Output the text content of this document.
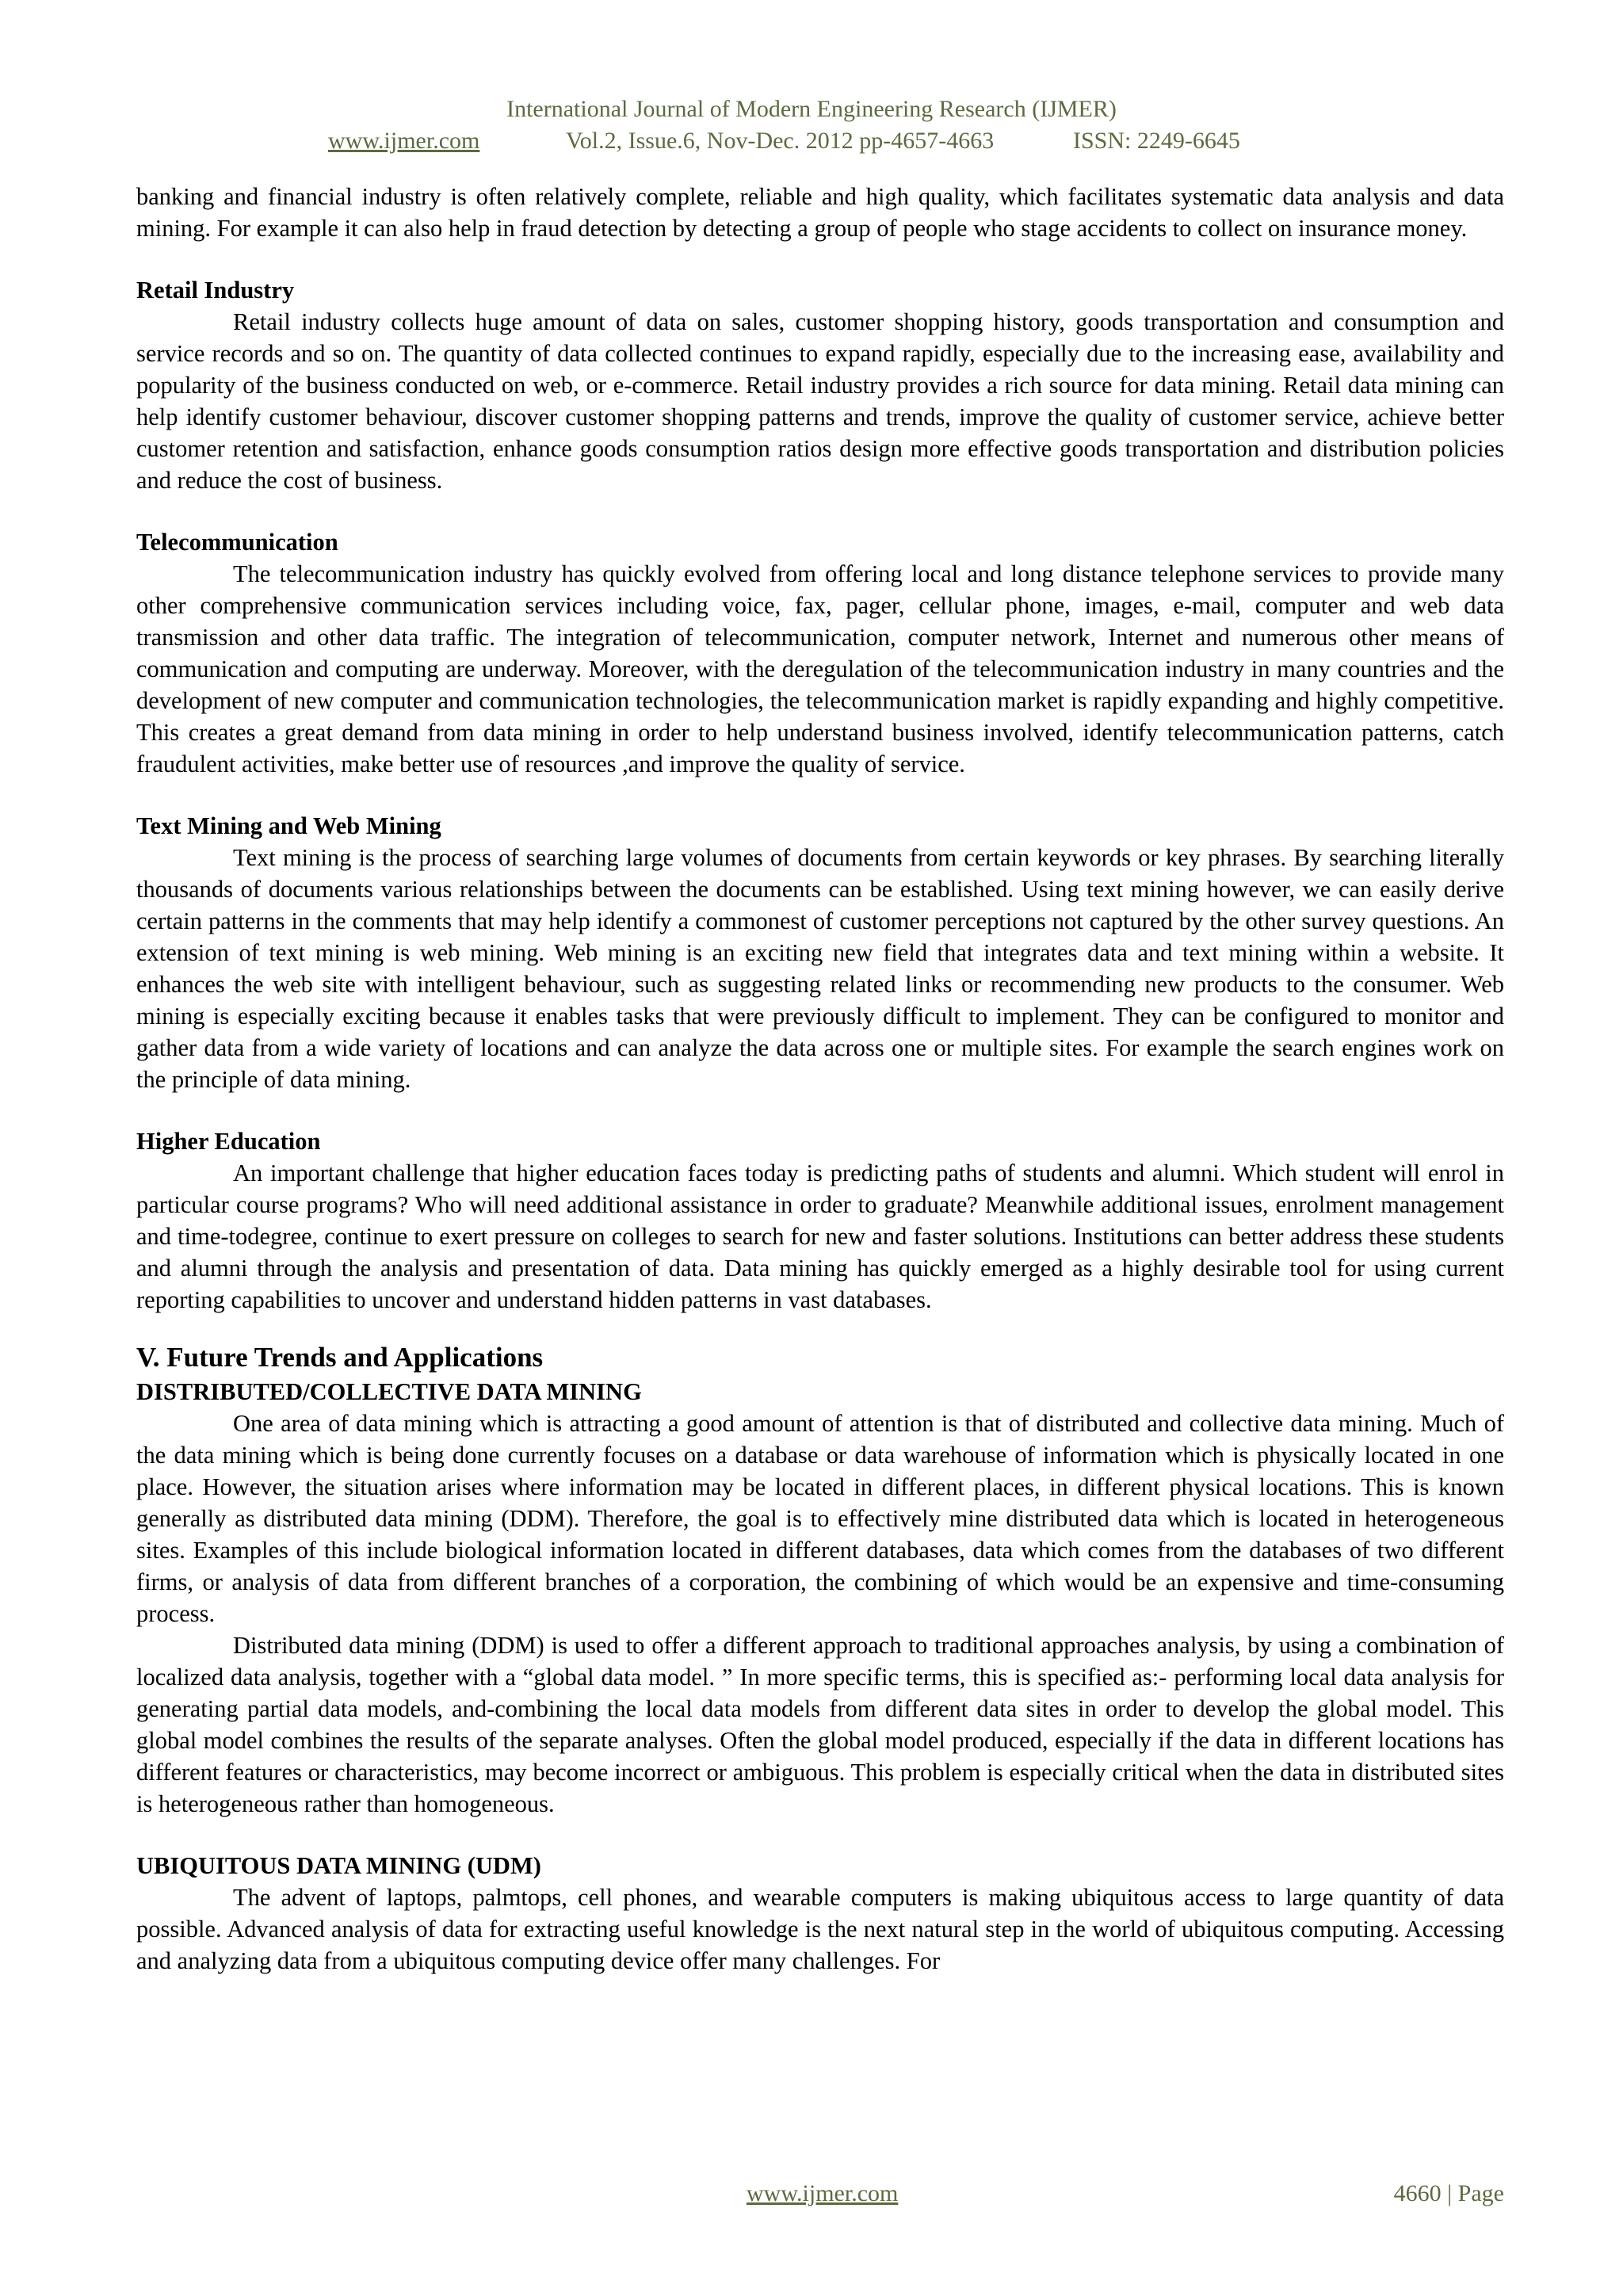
International Journal of Modern Engineering Research (IJMER)
www.ijmer.com	Vol.2, Issue.6, Nov-Dec. 2012 pp-4657-4663	ISSN: 2249-6645

banking and financial industry is often relatively complete, reliable and high quality, which facilitates systematic data analysis and data mining. For example it can also help in fraud detection by detecting a group of people who stage accidents to collect on insurance money.

Retail Industry

Retail industry collects huge amount of data on sales, customer shopping history, goods transportation and consumption and service records and so on. The quantity of data collected continues to expand rapidly, especially due to the increasing ease, availability and popularity of the business conducted on web, or e-commerce. Retail industry provides a rich source for data mining. Retail data mining can help identify customer behaviour, discover customer shopping patterns and trends, improve the quality of customer service, achieve better customer retention and satisfaction, enhance goods consumption ratios design more effective goods transportation and distribution policies and reduce the cost of business.

Telecommunication

The telecommunication industry has quickly evolved from offering local and long distance telephone services to provide many other comprehensive communication services including voice, fax, pager, cellular phone, images, e-mail, computer and web data transmission and other data traffic. The integration of telecommunication, computer network, Internet and numerous other means of communication and computing are underway. Moreover, with the deregulation of the telecommunication industry in many countries and the development of new computer and communication technologies, the telecommunication market is rapidly expanding and highly competitive. This creates a great demand from data mining in order to help understand business involved, identify telecommunication patterns, catch fraudulent activities, make better use of resources ,and improve the quality of service.

Text Mining and Web Mining

Text mining is the process of searching large volumes of documents from certain keywords or key phrases. By searching literally thousands of documents various relationships between the documents can be established. Using text mining however, we can easily derive certain patterns in the comments that may help identify a commonest of customer perceptions not captured by the other survey questions. An extension of text mining is web mining. Web mining is an exciting new field that integrates data and text mining within a website. It enhances the web site with intelligent behaviour, such as suggesting related links or recommending new products to the consumer. Web mining is especially exciting because it enables tasks that were previously difficult to implement. They can be configured to monitor and gather data from a wide variety of locations and can analyze the data across one or multiple sites. For example the search engines work on the principle of data mining.

Higher Education

An important challenge that higher education faces today is predicting paths of students and alumni. Which student will enrol in particular course programs? Who will need additional assistance in order to graduate? Meanwhile additional issues, enrolment management and time-todegree, continue to exert pressure on colleges to search for new and faster solutions. Institutions can better address these students and alumni through the analysis and presentation of data. Data mining has quickly emerged as a highly desirable tool for using current reporting capabilities to uncover and understand hidden patterns in vast databases.

V. Future Trends and Applications

DISTRIBUTED/COLLECTIVE DATA MINING

One area of data mining which is attracting a good amount of attention is that of distributed and collective data mining. Much of the data mining which is being done currently focuses on a database or data warehouse of information which is physically located in one place. However, the situation arises where information may be located in different places, in different physical locations. This is known generally as distributed data mining (DDM). Therefore, the goal is to effectively mine distributed data which is located in heterogeneous sites. Examples of this include biological information located in different databases, data which comes from the databases of two different firms, or analysis of data from different branches of a corporation, the combining of which would be an expensive and time-consuming process.

Distributed data mining (DDM) is used to offer a different approach to traditional approaches analysis, by using a combination of localized data analysis, together with a “global data model. ” In more specific terms, this is specified as:- performing local data analysis for generating partial data models, and-combining the local data models from different data sites in order to develop the global model. This global model combines the results of the separate analyses. Often the global model produced, especially if the data in different locations has different features or characteristics, may become incorrect or ambiguous. This problem is especially critical when the data in distributed sites is heterogeneous rather than homogeneous.

UBIQUITOUS DATA MINING (UDM)

The advent of laptops, palmtops, cell phones, and wearable computers is making ubiquitous access to large quantity of data possible. Advanced analysis of data for extracting useful knowledge is the next natural step in the world of ubiquitous computing. Accessing and analyzing data from a ubiquitous computing device offer many challenges. For

www.ijmer.com	4660 | Page
